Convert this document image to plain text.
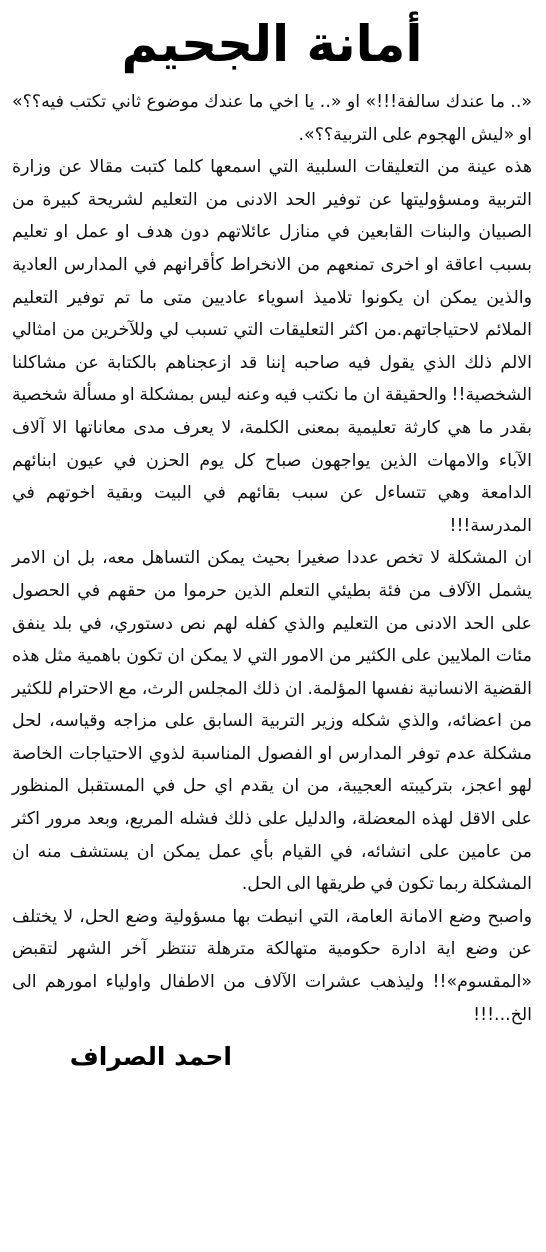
أمانة الجحيم

«.. ما عندك سالفة!!!» او «.. يا اخي ما عندك موضوع ثاني تكتب فيه؟؟» او «ليش الهجوم على التربية؟؟».

هذه عينة من التعليقات السلبية التي اسمعها كلما كتبت مقالا عن وزارة التربية ومسؤوليتها عن توفير الحد الادنى من التعليم لشريحة كبيرة من الصبيان والبنات القابعين في منازل عائلاتهم دون هدف او عمل او تعليم بسبب اعاقة او اخرى تمنعهم من الانخراط كأقرانهم في المدارس العادية والذين يمكن ان يكونوا تلاميذ اسوياء عاديين متى ما تم توفير التعليم الملائم لاحتياجاتهم.من اكثر التعليقات التي تسبب لي وللآخرين من امثالي الالم ذلك الذي يقول فيه صاحبه إننا قد ازعجناهم بالكتابة عن مشاكلنا الشخصية!! والحقيقة ان ما نكتب فيه وعنه ليس بمشكلة او مسألة شخصية بقدر ما هي كارثة تعليمية بمعنى الكلمة، لا يعرف مدى معاناتها الا آلاف الآباء والامهات الذين يواجهون صباح كل يوم الحزن في عيون ابنائهم الدامعة وهي تتساءل عن سبب بقائهم في البيت وبقية اخوتهم في المدرسة!!!

ان المشكلة لا تخص عددا صغيرا بحيث يمكن التساهل معه، بل ان الامر يشمل الآلاف من فئة بطيئي التعلم الذين حرموا من حقهم في الحصول على الحد الادنى من التعليم والذي كفله لهم نص دستوري، في بلد ينفق مئات الملايين على الكثير من الامور التي لا يمكن ان تكون باهمية مثل هذه القضية الانسانية نفسها المؤلمة. ان ذلك المجلس الرث، مع الاحترام للكثير من اعضائه، والذي شكله وزير التربية السابق على مزاجه وقياسه، لحل مشكلة عدم توفر المدارس او الفصول المناسبة لذوي الاحتياجات الخاصة لهو اعجز، بتركيبته العجيبة، من ان يقدم اي حل في المستقبل المنظور على الاقل لهذه المعضلة، والدليل على ذلك فشله المريع، وبعد مرور اكثر من عامين على انشائه، في القيام بأي عمل يمكن ان يستشف منه ان المشكلة ربما تكون في طريقها الى الحل.

واصبح وضع الامانة العامة، التي انيطت بها مسؤولية وضع الحل، لا يختلف عن وضع اية ادارة حكومية متهالكة مترهلة تنتظر آخر الشهر لتقبض «المقسوم»!! وليذهب عشرات الآلاف من الاطفال واولياء امورهم الى الخ...!!!

احمد الصراف
